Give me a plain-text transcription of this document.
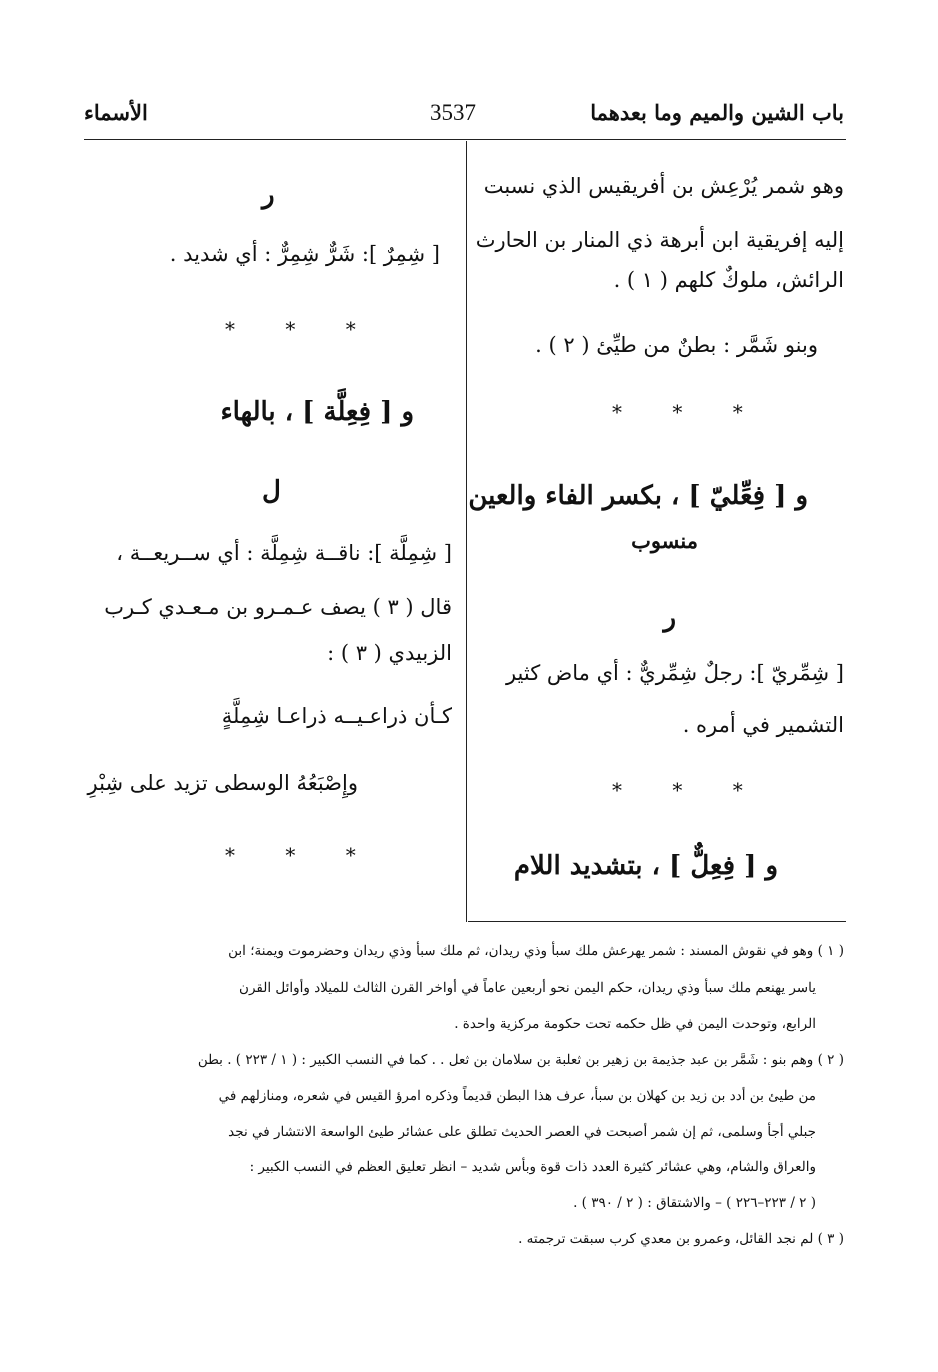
باب الشين والميم وما بعدهما
3537
الأسماء
وهو شمر يُرْعِش بن أفريقيس الذي نسبت
إليه إفريقية ابن أبرهة ذي المنار بن الحارث
الرائش، ملوكٌ كلهم ( ١ ) .
وبنو شَمَّر : بطنٌ من طيِّئ ( ٢ ) .
* * *
و [ فِعِّليّ ] ، بكسر الفاء والعين
منسوب
ر
[ شِمِّريّ ]: رجلٌ شِمِّريٌّ : أي ماض كثير
التشمير في أمره .
* * *
و [ فِعِلٌّ ] ، بتشديد اللام
ر
[ شِمِرٌ ]: شَرٌّ شِمِرٌّ : أي شديد .
* * *
و [ فِعِلَّة ] ، بالهاء
ل
[ شِمِلَّة ]: ناقــة شِمِلَّة : أي ســريعــة ،
قال ( ٣ ) يصف عـمـرو بن مـعـدي كـرب
الزبيدي ( ٣ ) :
كـأن ذراعـيــه ذراعـا شِمِلَّةٍ
وإِصْبَعُهُ الوسطى تزيد على شِبْرِ
* * *
( ١ ) وهو في نقوش المسند : شمر يهرعش ملك سبأ وذي ريدان، ثم ملك سبأ وذي ريدان وحضرموت ويمنة؛ ابن
ياسر يهنعم ملك سبأ وذي ريدان، حكم اليمن نحو أربعين عاماً في أواخر القرن الثالث للميلاد وأوائل القرن
الرابع، وتوحدت اليمن في ظل حكمه تحت حكومة مركزية واحدة .
( ٢ ) وهم بنو : شَمَّر بن عبد جذيمة بن زهير بن ثعلبة بن سلامان بن ثعل . . كما في النسب الكبير : ( ١ / ٢٢٣ ) . بطن
من طيئ بن أدد بن زيد بن كهلان بن سبأ، عرف هذا البطن قديماً وذكره امرؤ القيس في شعره، ومنازلهم في
جبلي أجأ وسلمى، ثم إن شمر أصبحت في العصر الحديث تطلق على عشائر طيئ الواسعة الانتشار في نجد
والعراق والشام، وهي عشائر كثيرة العدد ذات قوة وبأس شديد – انظر تعليق العظم في النسب الكبير :
( ٢ / ٢٢٣–٢٢٦ ) – والاشتقاق : ( ٢ / ٣٩٠ ) .
( ٣ ) لم نجد القائل، وعمرو بن معدي كرب سبقت ترجمته .
